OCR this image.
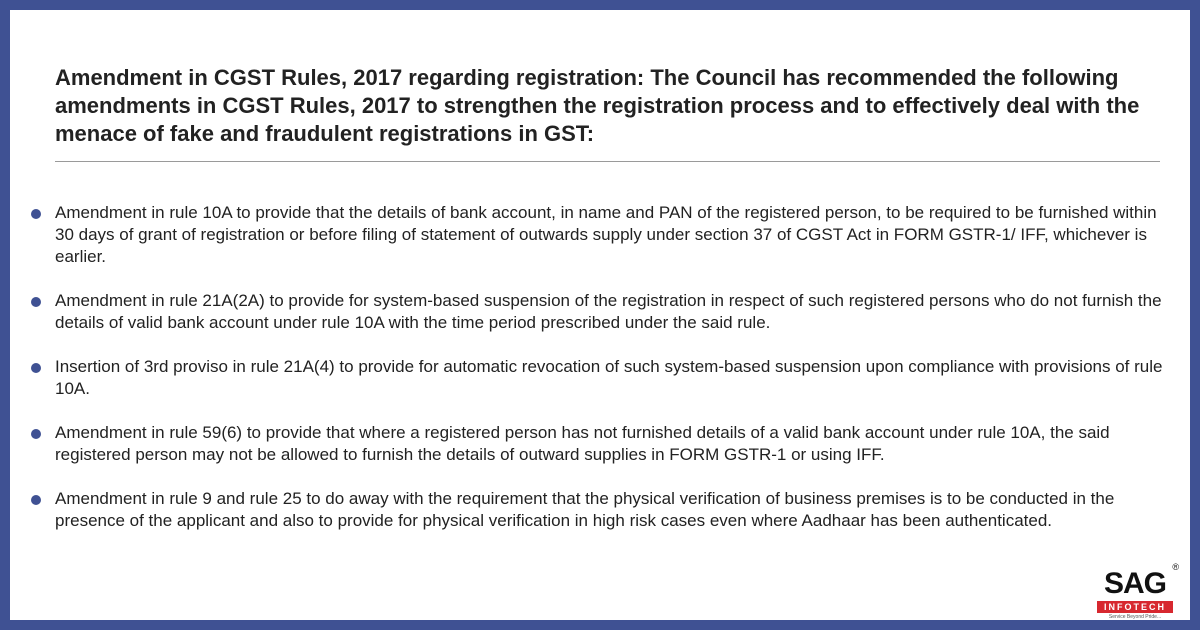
Amendment in CGST Rules, 2017 regarding registration: The Council has recommended the following amendments in CGST Rules, 2017 to strengthen the registration process and to effectively deal with the menace of fake and fraudulent registrations in GST:
Amendment in rule 10A to provide that the details of bank account, in name and PAN of the registered person, to be required to be furnished within 30 days of grant of registration or before filing of statement of outwards supply under section 37 of CGST Act in FORM GSTR-1/ IFF, whichever is earlier.
Amendment in rule 21A(2A) to provide for system-based suspension of the registration in respect of such registered persons who do not furnish the details of valid bank account under rule 10A with the time period prescribed under the said rule.
Insertion of 3rd proviso in rule 21A(4) to provide for automatic revocation of such system-based suspension upon compliance with provisions of rule 10A.
Amendment in rule 59(6) to provide that where a registered person has not furnished details of a valid bank account under rule 10A, the said registered person may not be allowed to furnish the details of outward supplies in FORM GSTR-1 or using IFF.
Amendment in rule 9 and rule 25 to do away with the requirement that the physical verification of business premises is to be conducted in the presence of the applicant and also to provide for physical verification in high risk cases even where Aadhaar has been authenticated.
SAG ®
INFOTECH
Service Beyond Pride...
